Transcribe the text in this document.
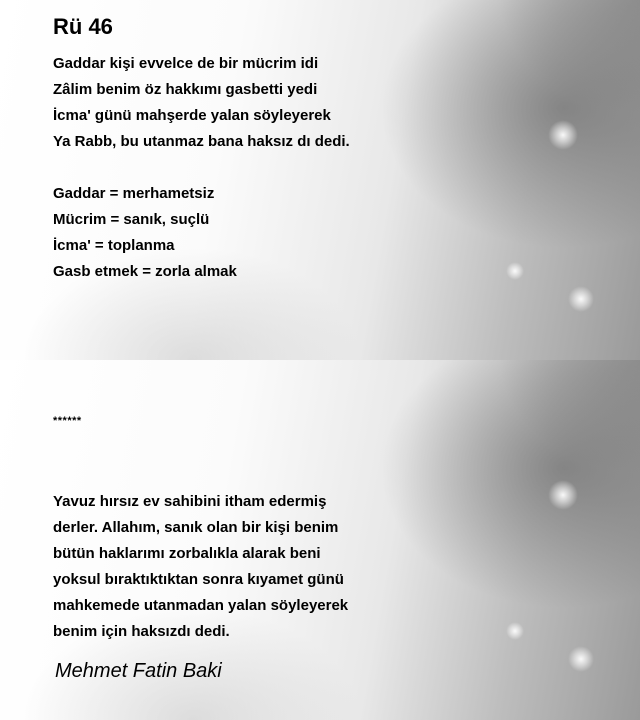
Rü 46
Gaddar kişi evvelce de bir mücrim idi
Zâlim benim öz hakkımı gasbetti yedi
İcma' günü mahşerde yalan söyleyerek
Ya Rabb, bu utanmaz bana haksız dı dedi.
Gaddar = merhametsiz
Mücrim = sanık, suçlü
İcma' = toplanma
Gasb etmek = zorla almak
******
Yavuz hırsız ev sahibini itham edermiş
derler. Allahım, sanık olan bir kişi benim
bütün haklarımı zorbalıkla alarak beni
yoksul bıraktıktıktan sonra kıyamet günü
mahkemede utanmadan yalan söyleyerek
benim için haksızdı dedi.
Mehmet Fatin Baki
